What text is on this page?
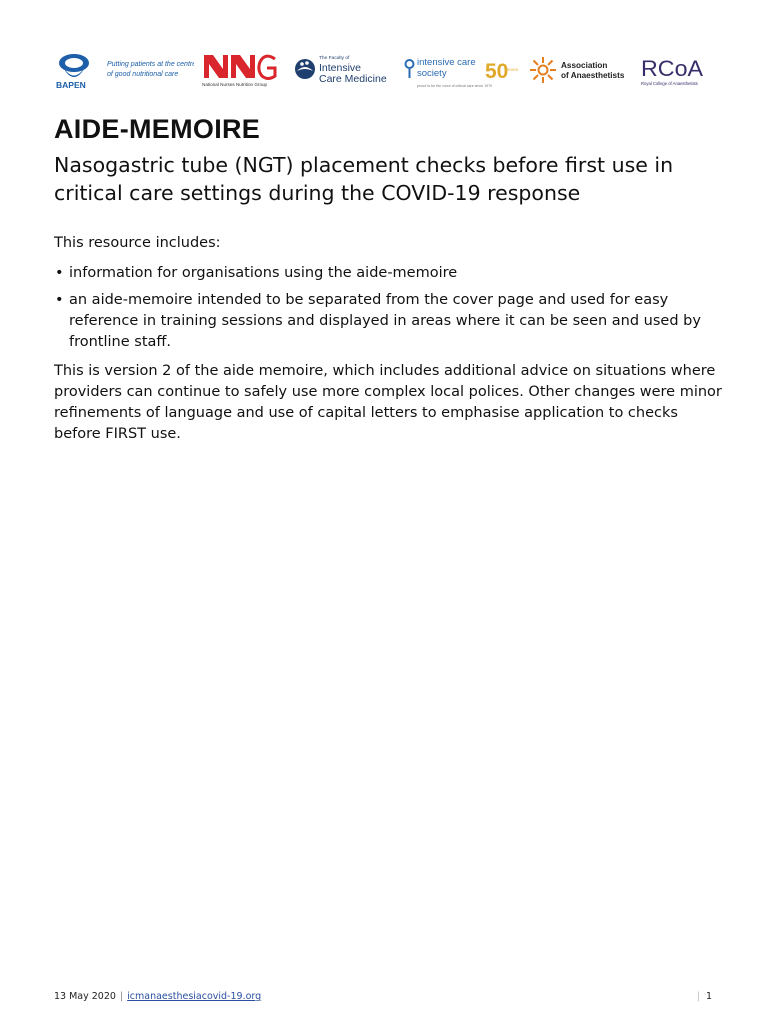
BAPEN
Putting patients at the centre
of good nutritional care
National Nurses Nutrition Group
The Faculty of
Intensive
Care Medicine
intensive care
society 50
YEARS
proud to be the voice of critical care since 1970
Association
of Anaesthetists RCoA
Royal College of Anaesthetists
AIDE-MEMOIRE
Nasogastric tube (NGT) placement checks before first use in critical care settings during the COVID-19 response

This resource includes:

• information for organisations using the aide-memoire
• an aide-memoire intended to be separated from the cover page and used for easy reference in training sessions and displayed in areas where it can be seen and used by frontline staff.

This is version 2 of the aide memoire, which includes additional advice on situations where providers can continue to safely use more complex local polices. Other changes were minor refinements of language and use of capital letters to emphasise application to checks before FIRST use.

13 May 2020 | icmanaesthesiacovid-19.org	| 1
